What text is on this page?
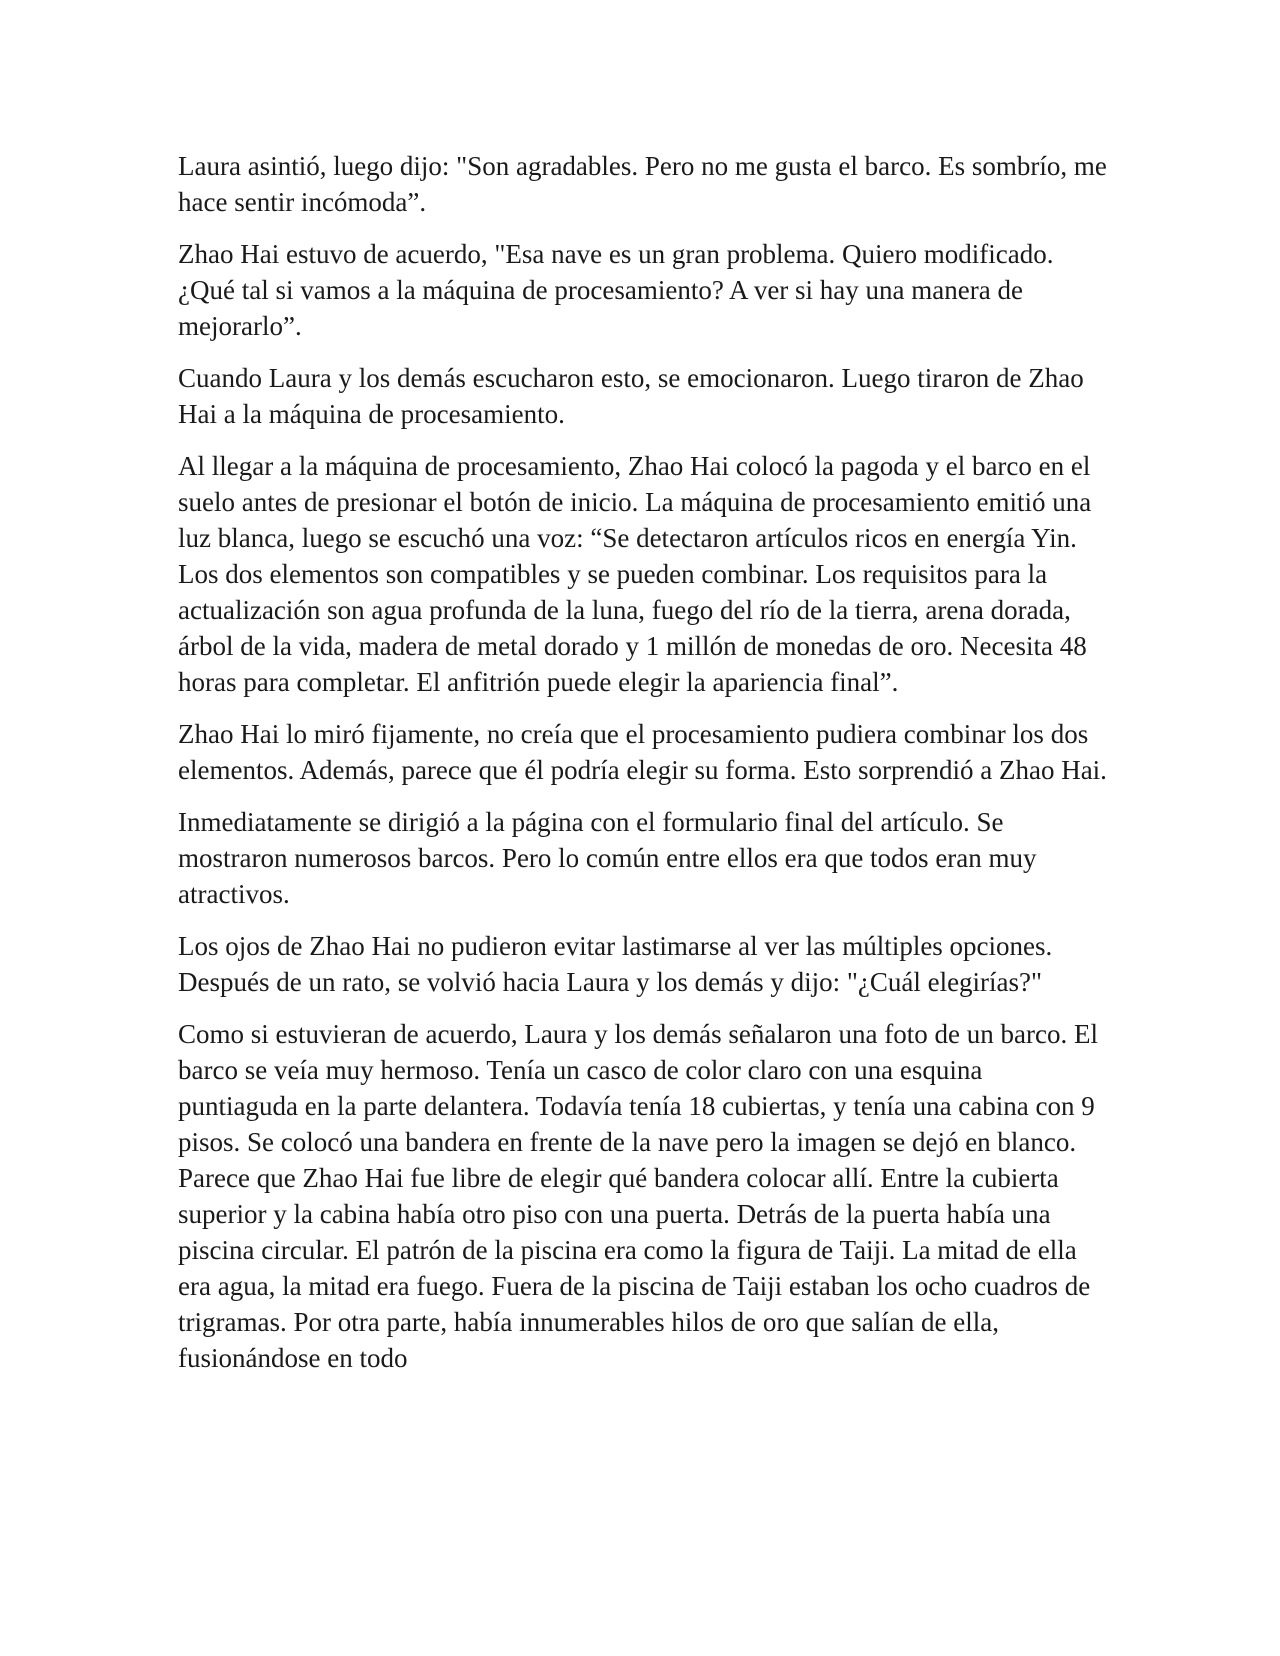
Laura asintió, luego dijo: "Son agradables. Pero no me gusta el barco. Es sombrío, me hace sentir incómoda”.

Zhao Hai estuvo de acuerdo, "Esa nave es un gran problema. Quiero modificado. ¿Qué tal si vamos a la máquina de procesamiento? A ver si hay una manera de mejorarlo”.

Cuando Laura y los demás escucharon esto, se emocionaron. Luego tiraron de Zhao Hai a la máquina de procesamiento.

Al llegar a la máquina de procesamiento, Zhao Hai colocó la pagoda y el barco en el suelo antes de presionar el botón de inicio. La máquina de procesamiento emitió una luz blanca, luego se escuchó una voz: “Se detectaron artículos ricos en energía Yin. Los dos elementos son compatibles y se pueden combinar. Los requisitos para la actualización son agua profunda de la luna, fuego del río de la tierra, arena dorada, árbol de la vida, madera de metal dorado y 1 millón de monedas de oro. Necesita 48 horas para completar. El anfitrión puede elegir la apariencia final”.

Zhao Hai lo miró fijamente, no creía que el procesamiento pudiera combinar los dos elementos. Además, parece que él podría elegir su forma. Esto sorprendió a Zhao Hai.

Inmediatamente se dirigió a la página con el formulario final del artículo. Se mostraron numerosos barcos. Pero lo común entre ellos era que todos eran muy atractivos.

Los ojos de Zhao Hai no pudieron evitar lastimarse al ver las múltiples opciones. Después de un rato, se volvió hacia Laura y los demás y dijo: "¿Cuál elegirías?"

Como si estuvieran de acuerdo, Laura y los demás señalaron una foto de un barco. El barco se veía muy hermoso. Tenía un casco de color claro con una esquina puntiaguda en la parte delantera. Todavía tenía 18 cubiertas, y tenía una cabina con 9 pisos. Se colocó una bandera en frente de la nave pero la imagen se dejó en blanco. Parece que Zhao Hai fue libre de elegir qué bandera colocar allí. Entre la cubierta superior y la cabina había otro piso con una puerta. Detrás de la puerta había una piscina circular. El patrón de la piscina era como la figura de Taiji. La mitad de ella era agua, la mitad era fuego. Fuera de la piscina de Taiji estaban los ocho cuadros de trigramas. Por otra parte, había innumerables hilos de oro que salían de ella, fusionándose en todo
